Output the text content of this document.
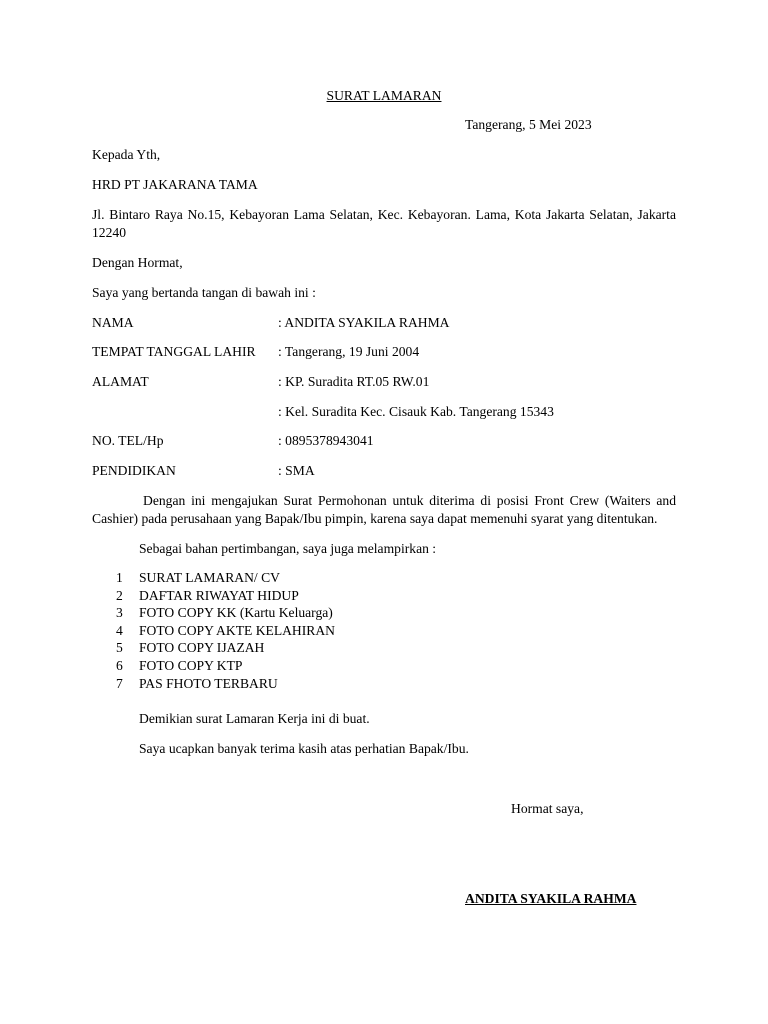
SURAT LAMARAN
Tangerang, 5 Mei 2023
Kepada Yth,
HRD PT JAKARANA TAMA
Jl. Bintaro Raya No.15, Kebayoran Lama Selatan, Kec. Kebayoran. Lama, Kota Jakarta Selatan, Jakarta 12240
Dengan Hormat,
Saya yang bertanda tangan di bawah ini :
NAMA	: ANDITA SYAKILA RAHMA
TEMPAT TANGGAL LAHIR : Tangerang, 19 Juni 2004
ALAMAT	: KP. Suradita RT.05 RW.01
: Kel. Suradita Kec. Cisauk Kab. Tangerang 15343
NO. TEL/Hp	: 0895378943041
PENDIDIKAN	: SMA
Dengan ini mengajukan Surat Permohonan untuk diterima di posisi Front Crew (Waiters and Cashier) pada perusahaan yang Bapak/Ibu pimpin, karena saya dapat memenuhi syarat yang ditentukan.
Sebagai bahan pertimbangan, saya juga melampirkan :
1 SURAT LAMARAN/ CV
2 DAFTAR RIWAYAT HIDUP
3 FOTO COPY KK (Kartu Keluarga)
4 FOTO COPY AKTE KELAHIRAN
5 FOTO COPY IJAZAH
6 FOTO COPY KTP
7 PAS FHOTO TERBARU
Demikian surat Lamaran Kerja ini di buat.
Saya ucapkan banyak terima kasih atas perhatian Bapak/Ibu.
Hormat saya,
ANDITA SYAKILA RAHMA
